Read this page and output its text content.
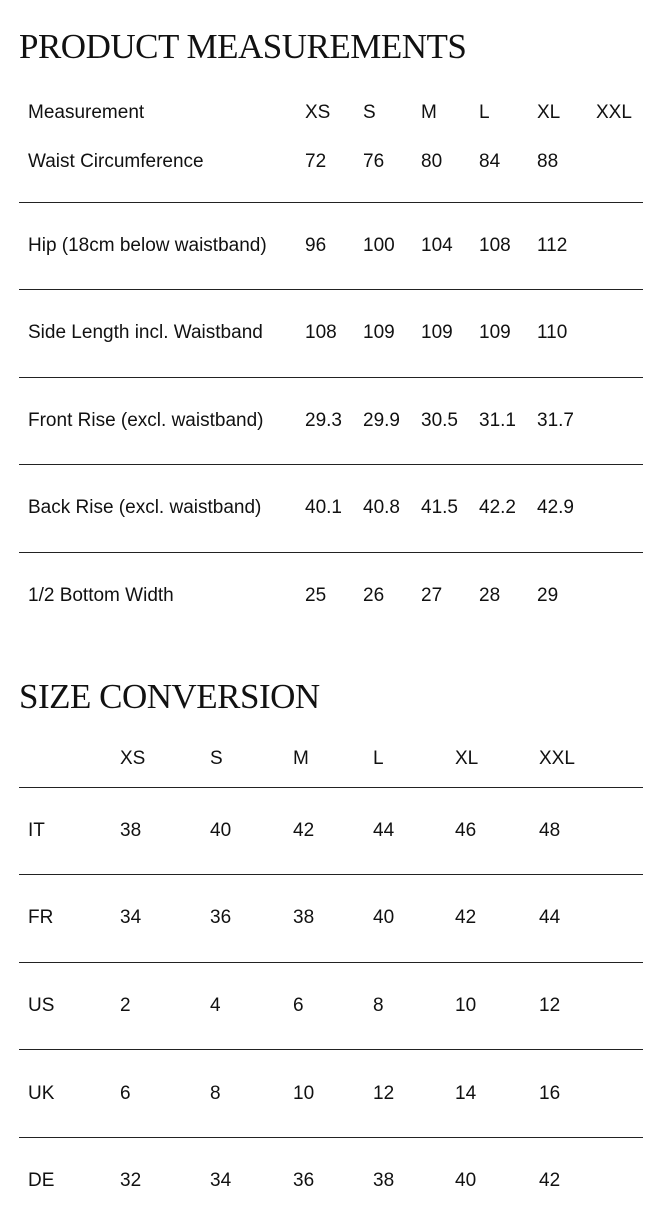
PRODUCT MEASUREMENTS
Measurement	XS	S	M	L	XL	XXL
Waist Circumference	72	76	80	84	88	
Hip (18cm below waistband)	96	100	104	108	112	
Side Length incl. Waistband	108	109	109	109	110	
Front Rise (excl. waistband)	29.3	29.9	30.5	31.1	31.7	
Back Rise (excl. waistband)	40.1	40.8	41.5	42.2	42.9	
1/2 Bottom Width	25	26	27	28	29	
SIZE CONVERSION
	XS	S	M	L	XL	XXL
IT	38	40	42	44	46	48
FR	34	36	38	40	42	44
US	2	4	6	8	10	12
UK	6	8	10	12	14	16
DE	32	34	36	38	40	42
